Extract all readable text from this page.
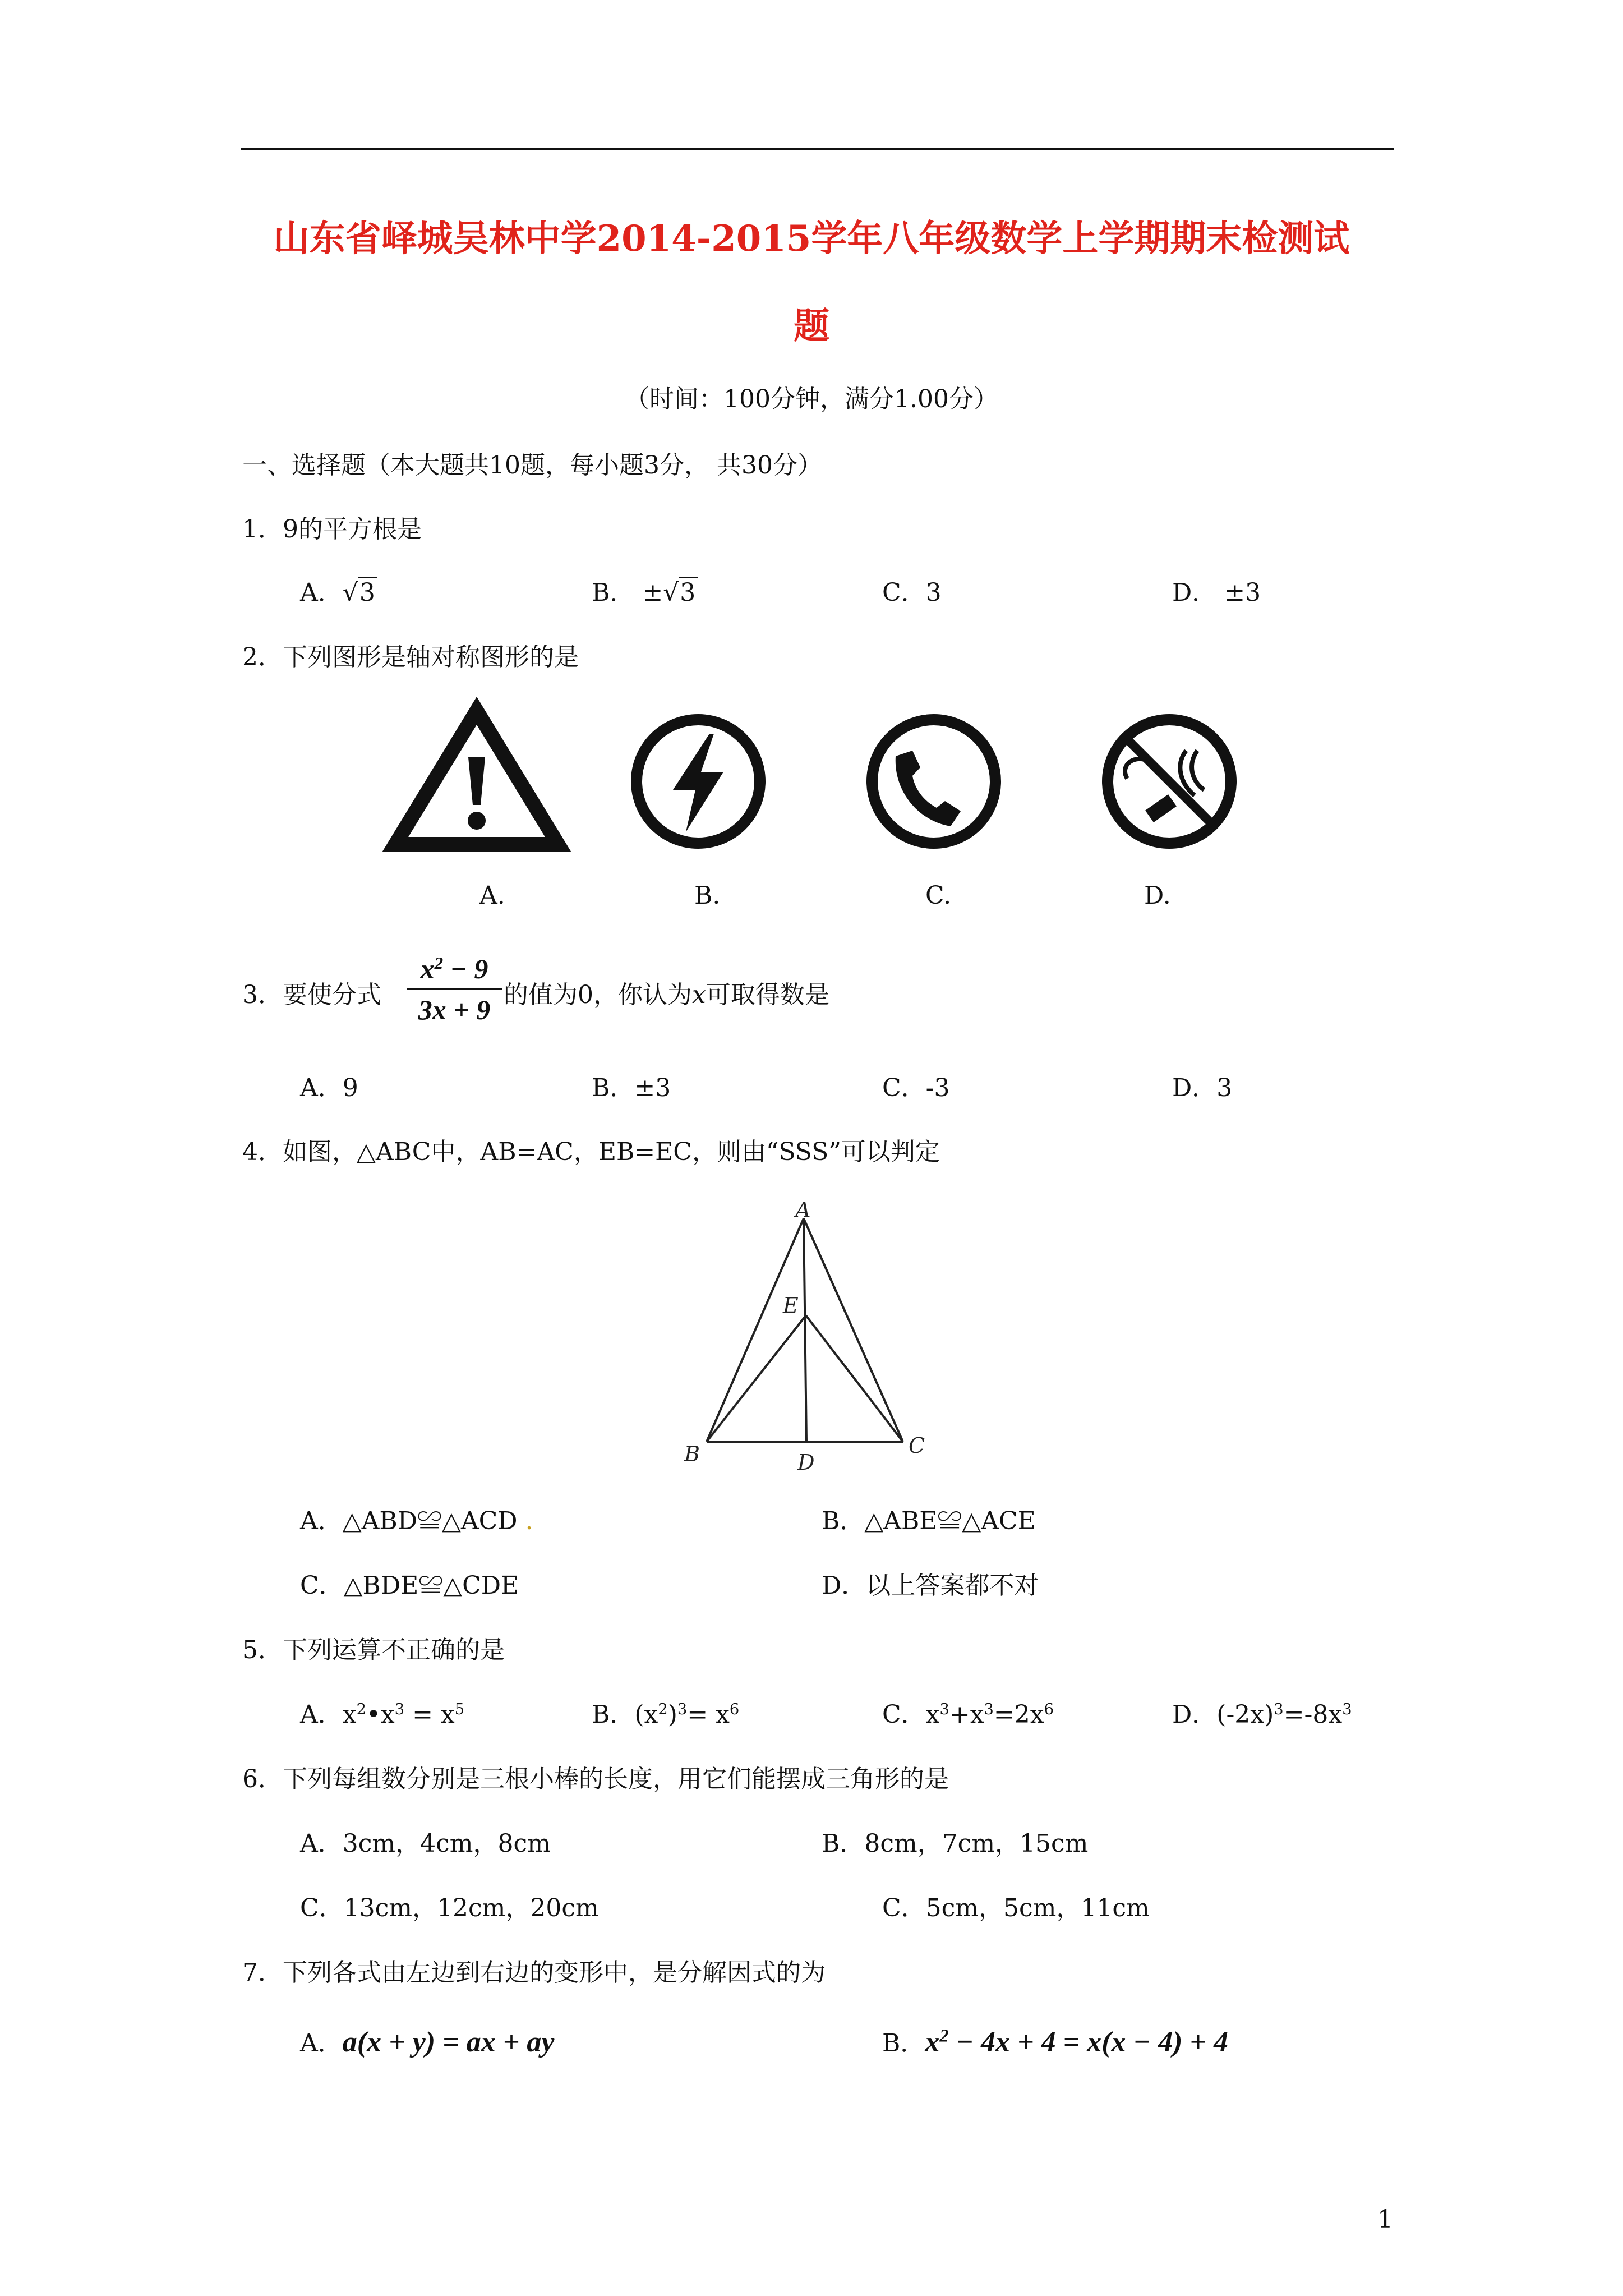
山东省峄城吴林中学2014-2015学年八年级数学上学期期末检测试
题
（时间：100分钟，满分1.00分）
一、选择题（本大题共10题，每小题3分， 共30分）
1．9的平方根是
A．√3	B． ±√3	C．3	D． ±3
2．下列图形是轴对称图形的是
A.	B.	C.	D.
3．要使分式
$x^2 - 9$
3x + 9 的值为0，你认为x可取得数是
A．9	B．±3	C．-3	D．3
4．如图，△ABC中，AB=AC，EB=EC，则由“SSS”可以判定
A
E
B	D
C
A．△ABD≌△ACD .	B．△ABE≌△ACE
C．△BDE≌△CDE	D．以上答案都不对
5．下列运算不正确的是
A．$x^2•x^3 = x^5$	B．$(x^2)^3= x^6$	C．$x^3+x^3=2x^6$	D．$(-2x)^3=-8x^3$
6．下列每组数分别是三根小棒的长度，用它们能摆成三角形的是
A．3cm，4cm，8cm	B．8cm，7cm，15cm
C．13cm，12cm，20cm	C．5cm，5cm，11cm
7．下列各式由左边到右边的变形中，是分解因式的为
A．a(x + y) = ax + ay	B．$x^2 - 4x + 4 = x(x - 4) + 4$
1
